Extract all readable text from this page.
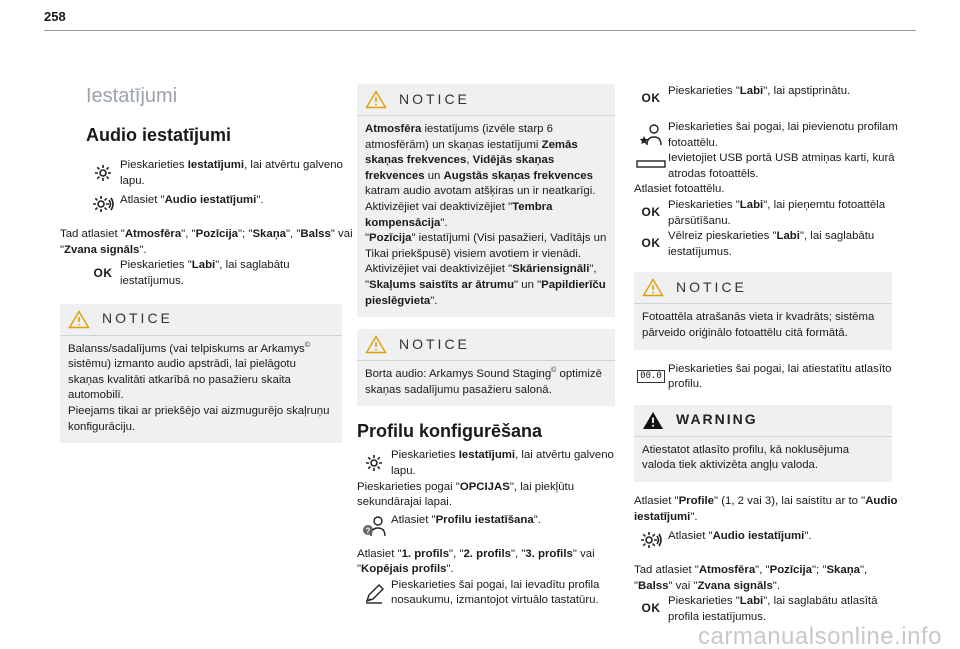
258
Iestatījumi
Audio iestatījumi
Pieskarieties Iestatījumi, lai atvērtu galveno lapu.
Atlasiet "Audio iestatījumi".

Tad atlasiet "Atmosfēra", "Pozīcija"; "Skaņa", "Balss" vai "Zvana signāls".

OK
Pieskarieties "Labi", lai saglabātu iestatījumus.
NOTICE
Balanss/sadalījums (vai telpiskums ar Arkamys© sistēmu) izmanto audio apstrādi, lai pielāgotu skaņas kvalitāti atkarībā no pasažieru skaita automobilī.
Pieejams tikai ar priekšējo vai aizmugurējo skaļruņu konfigurāciju.
NOTICE
Atmosfēra iestatījums (izvēle starp 6 atmosfērām) un skaņas iestatījumi Zemās skaņas frekvences, Vidējās skaņas frekvences un Augstās skaņas frekvences katram audio avotam atšķiras un ir neatkarīgi.
Aktivizējiet vai deaktivizējiet "Tembra kompensācija".
"Pozīcija" iestatījumi (Visi pasažieri, Vadītājs un Tikai priekšpusē) visiem avotiem ir vienādi.
Aktivizējiet vai deaktivizējiet "Skāriensignāli", "Skaļums saistīts ar ātrumu" un "Papildierīču pieslēgvieta".
NOTICE
Borta audio: Arkamys Sound Staging© optimizē skaņas sadalījumu pasažieru salonā.
Profilu konfigurēšana
Pieskarieties Iestatījumi, lai atvērtu galveno lapu.

Pieskarieties pogai "OPCIJAS", lai piekļūtu sekundārajai lapai.

?
Atlasiet "Profilu iestatīšana".

Atlasiet "1. profils", "2. profils", "3. profils" vai "Kopējais profils".

Pieskarieties šai pogai, lai ievadītu profila nosaukumu, izmantojot virtuālo tastatūru.
OK
Pieskarieties "Labi", lai apstiprinātu.
Pieskarieties šai pogai, lai pievienotu profilam fotoattēlu.
Ievietojiet USB portā USB atmiņas karti, kurā atrodas fotoattēls.

Atlasiet fotoattēlu.

OK
Pieskarieties "Labi", lai pieņemtu fotoattēla pārsūtīšanu.
OK
Vēlreiz pieskarieties "Labi", lai saglabātu iestatījumus.
NOTICE
Fotoattēla atrašanās vieta ir kvadrāts; sistēma pārveido oriģinālo fotoattēlu citā formātā.
00.0
Pieskarieties šai pogai, lai atiestatītu atlasīto profilu.
WARNING
Atiestatot atlasīto profilu, kā noklusējuma valoda tiek aktivizēta angļu valoda.

Atlasiet "Profile" (1, 2 vai 3), lai saistītu ar to "Audio iestatījumi".

Atlasiet "Audio iestatījumi".

Tad atlasiet "Atmosfēra", "Pozīcija"; "Skaņa", "Balss" vai "Zvana signāls".

OK
Pieskarieties "Labi", lai saglabātu atlasītā profila iestatījumus.
carmanualsonline.info
